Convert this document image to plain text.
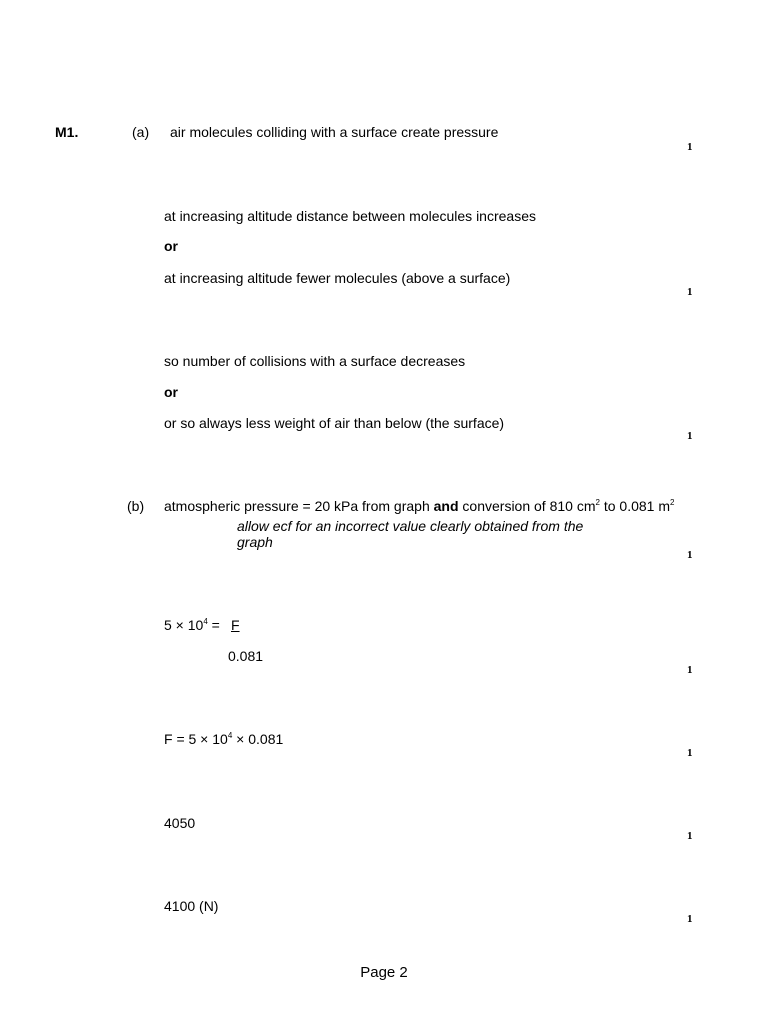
M1.	(a) air molecules colliding with a surface create pressure
1
at increasing altitude distance between molecules increases
or
at increasing altitude fewer molecules (above a surface)
1
so number of collisions with a surface decreases
or
or so always less weight of air than below (the surface)
1
(b) atmospheric pressure = 20 kPa from graph and conversion of 810 $cm^2$ to 0.081 $m^2$
allow ecf for an incorrect value clearly obtained from the
graph
1
$5 \times 10^4 = F$
0.081
1
$F = 5 \times 10^4 \times 0.081$
1
4050
1
4100 (N)
1
Page 2
